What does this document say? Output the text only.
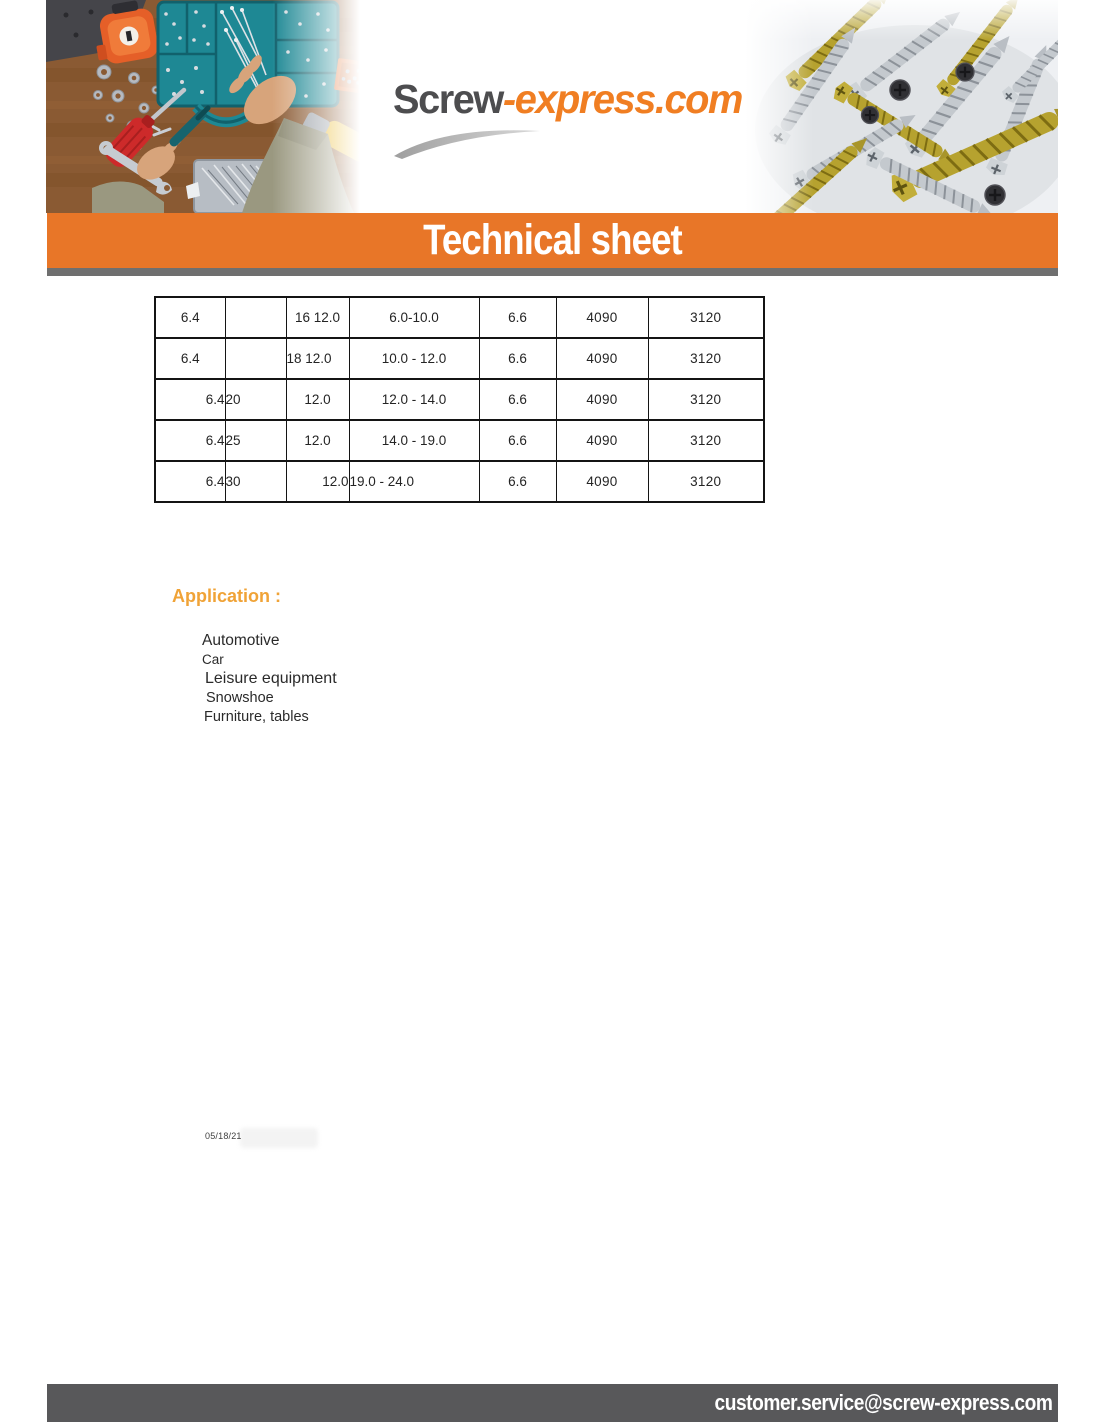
Screw-express.com
Technical sheet
6.4		16 12.0	6.0-10.0	6.6	4090	3120
6.4		18 12.0	10.0 - 12.0	6.6	4090	3120
6.4	20	12.0	12.0 - 14.0	6.6	4090	3120
6.4	25	12.0	14.0 - 19.0	6.6	4090	3120
6.4	30	12.0	19.0 - 24.0	6.6	4090	3120
Application :
Automotive
Car
Leisure equipment
Snowshoe
Furniture, tables
05/18/21
customer.service@screw-express.com
